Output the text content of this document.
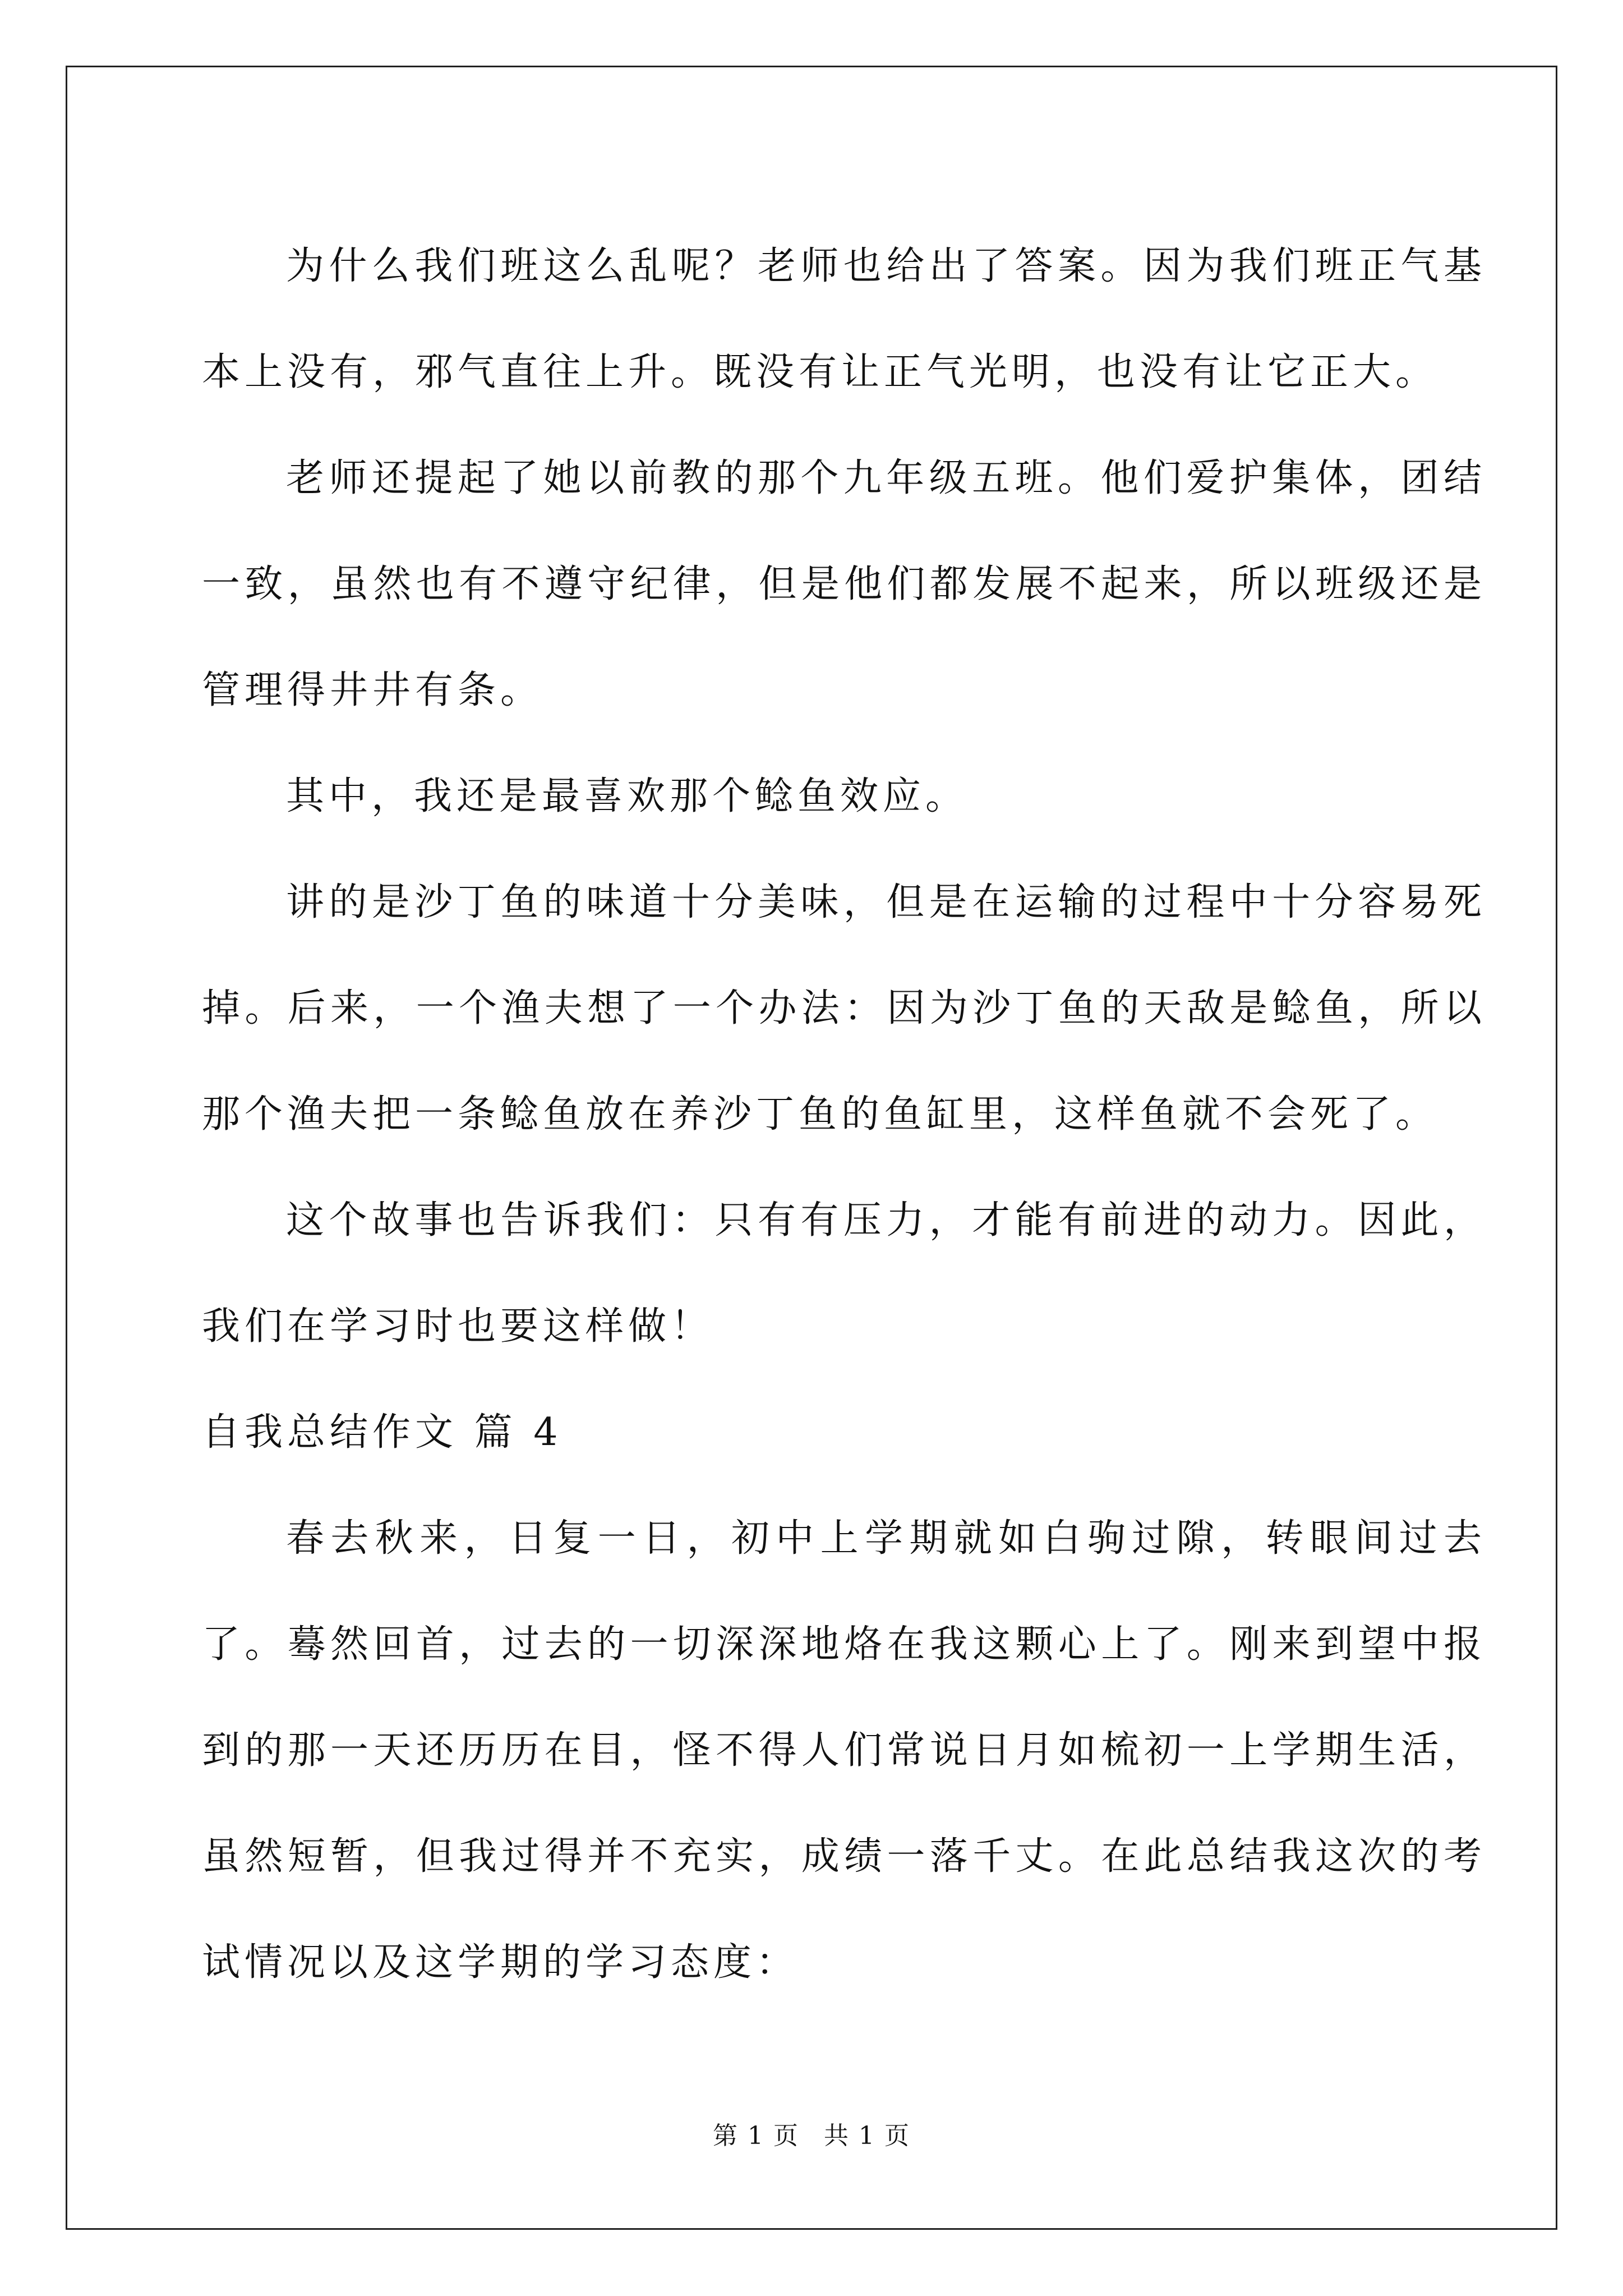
为什么我们班这么乱呢？老师也给出了答案。因为我们班正气基本上没有，邪气直往上升。既没有让正气光明，也没有让它正大。

老师还提起了她以前教的那个九年级五班。他们爱护集体，团结一致，虽然也有不遵守纪律，但是他们都发展不起来，所以班级还是管理得井井有条。

其中，我还是最喜欢那个鲶鱼效应。

讲的是沙丁鱼的味道十分美味，但是在运输的过程中十分容易死掉。后来，一个渔夫想了一个办法：因为沙丁鱼的天敌是鲶鱼，所以那个渔夫把一条鲶鱼放在养沙丁鱼的鱼缸里，这样鱼就不会死了。

这个故事也告诉我们：只有有压力，才能有前进的动力。因此，我们在学习时也要这样做！

自我总结作文 篇 4

春去秋来，日复一日，初中上学期就如白驹过隙，转眼间过去了。蓦然回首，过去的一切深深地烙在我这颗心上了。刚来到望中报到的那一天还历历在目，怪不得人们常说日月如梳初一上学期生活，虽然短暂，但我过得并不充实，成绩一落千丈。在此总结我这次的考试情况以及这学期的学习态度：

第 1 页 共 1 页
